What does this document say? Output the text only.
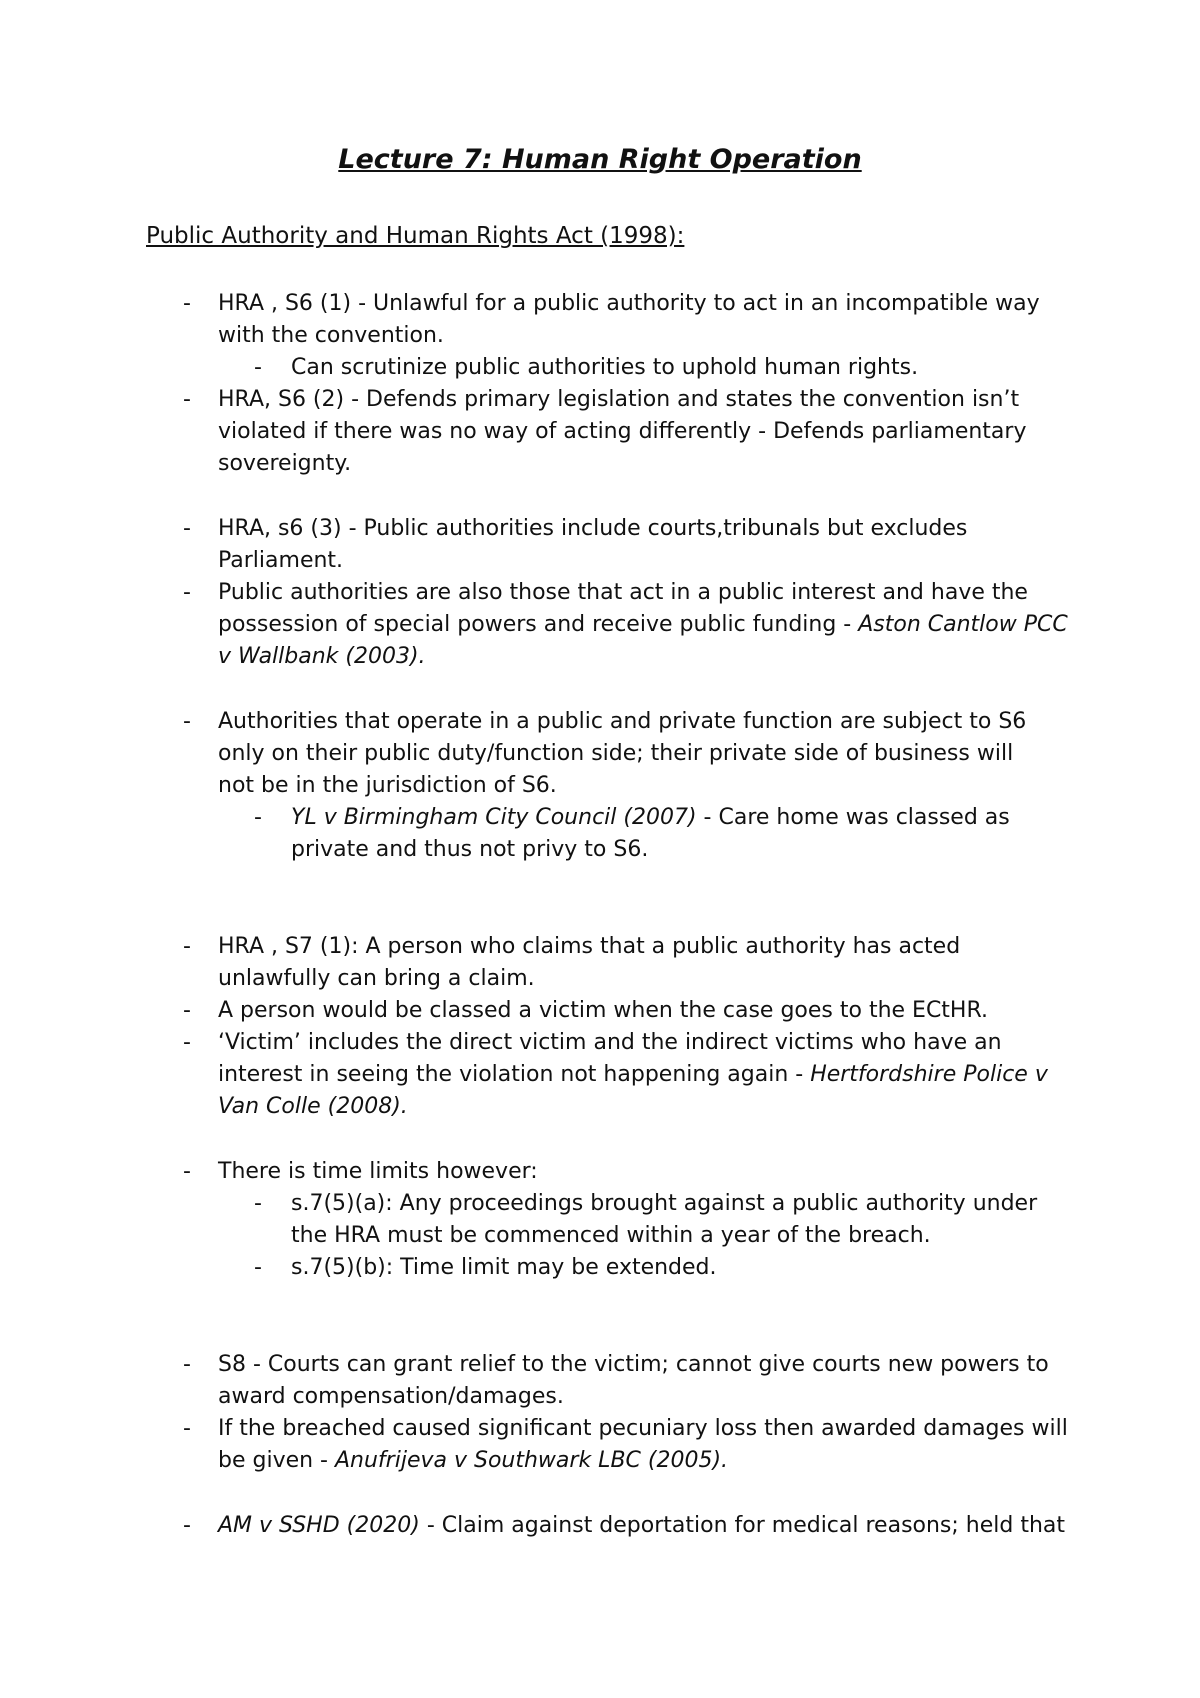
Lecture 7: Human Right Operation
Public Authority and Human Rights Act (1998):
- HRA , S6 (1) - Unlawful for a public authority to act in an incompatible way
with the convention.
- Can scrutinize public authorities to uphold human rights.
- HRA, S6 (2) - Defends primary legislation and states the convention isn’t
violated if there was no way of acting differently - Defends parliamentary
sovereignty.
- HRA, s6 (3) - Public authorities include courts,tribunals but excludes
Parliament.
- Public authorities are also those that act in a public interest and have the
possession of special powers and receive public funding - Aston Cantlow PCC
v Wallbank (2003).
- Authorities that operate in a public and private function are subject to S6
only on their public duty/function side; their private side of business will
not be in the jurisdiction of S6.
- YL v Birmingham City Council (2007) - Care home was classed as
private and thus not privy to S6.
- HRA , S7 (1): A person who claims that a public authority has acted
unlawfully can bring a claim.
- A person would be classed a victim when the case goes to the ECtHR.
- ‘Victim’ includes the direct victim and the indirect victims who have an
interest in seeing the violation not happening again - Hertfordshire Police v
Van Colle (2008).
- There is time limits however:
- s.7(5)(a): Any proceedings brought against a public authority under
the HRA must be commenced within a year of the breach.
- s.7(5)(b): Time limit may be extended.
- S8 - Courts can grant relief to the victim; cannot give courts new powers to
award compensation/damages.
- If the breached caused significant pecuniary loss then awarded damages will
be given - Anufrijeva v Southwark LBC (2005).
- AM v SSHD (2020) - Claim against deportation for medical reasons; held that
